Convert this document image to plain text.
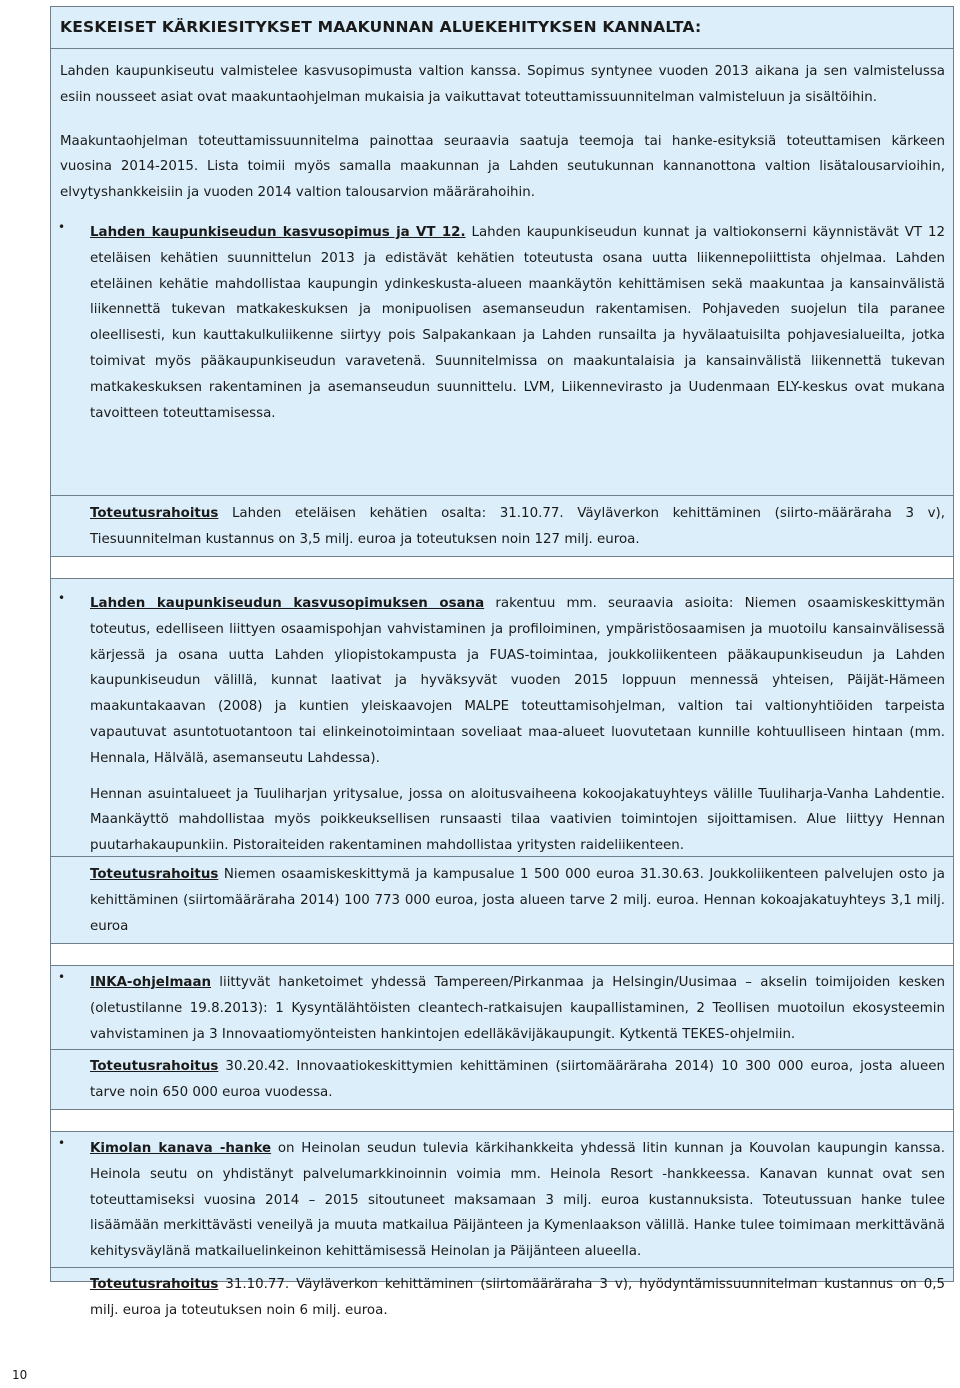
KESKEISET KÄRKIESITYKSET MAAKUNNAN ALUEKEHITYKSEN KANNALTA:

Lahden kaupunkiseutu valmistelee kasvusopimusta valtion kanssa. Sopimus syntynee vuoden 2013 aikana ja sen valmistelussa esiin nousseet asiat ovat maakuntaohjelman mukaisia ja vaikuttavat toteuttamissuunnitelman valmisteluun ja sisältöihin.

Maakuntaohjelman toteuttamissuunnitelma painottaa seuraavia saatuja teemoja tai hanke-esityksiä toteuttamisen kärkeen vuosina 2014-2015. Lista toimii myös samalla maakunnan ja Lahden seutukunnan kannanottona valtion lisätalousarvioihin, elvytyshankkeisiin ja vuoden 2014 valtion talousarvion määrärahoihin.

• Lahden kaupunkiseudun kasvusopimus ja VT 12. Lahden kaupunkiseudun kunnat ja valtiokonserni käynnistävät VT 12 eteläisen kehätien suunnittelun 2013 ja edistävät kehätien toteutusta osana uutta liikennepoliittista ohjelmaa. Lahden eteläinen kehätie mahdollistaa kaupungin ydinkeskusta-alueen maankäytön kehittämisen sekä maakuntaa ja kansainvälistä liikennettä tukevan matkakeskuksen ja monipuolisen asemanseudun rakentamisen. Pohjaveden suojelun tila paranee oleellisesti, kun kauttakulkuliikenne siirtyy pois Salpakankaan ja Lahden runsailta ja hyvälaatuisilta pohjavesialueilta, jotka toimivat myös pääkaupunkiseudun varavetenä. Suunnitelmissa on maakuntalaisia ja kansainvälistä liikennettä tukevan matkakeskuksen rakentaminen ja asemanseudun suunnittelu. LVM, Liikennevirasto ja Uudenmaan ELY-keskus ovat mukana tavoitteen toteuttamisessa.

Toteutusrahoitus Lahden eteläisen kehätien osalta: 31.10.77. Väyläverkon kehittäminen (siirto-määräraha 3 v), Tiesuunnitelman kustannus on 3,5 milj. euroa ja toteutuksen noin 127 milj. euroa.

• Lahden kaupunkiseudun kasvusopimuksen osana rakentuu mm. seuraavia asioita: Niemen osaamiskeskittymän toteutus, edelliseen liittyen osaamispohjan vahvistaminen ja profiloiminen, ympäristöosaamisen ja muotoilu kansainvälisessä kärjessä ja osana uutta Lahden yliopistokampusta ja FUAS-toimintaa, joukkoliikenteen pääkaupunkiseudun ja Lahden kaupunkiseudun välillä, kunnat laativat ja hyväksyvät vuoden 2015 loppuun mennessä yhteisen, Päijät-Hämeen maakuntakaavan (2008) ja kuntien yleiskaavojen MALPE toteuttamisohjelman, valtion tai valtionyhtiöiden tarpeista vapautuvat asuntotuotantoon tai elinkeinotoimintaan soveliaat maa-alueet luovutetaan kunnille kohtuulliseen hintaan (mm. Hennala, Hälvälä, asemanseutu Lahdessa).

Hennan asuintalueet ja Tuuliharjan yritysalue, jossa on aloitusvaiheena kokoojakatuyhteys välille Tuuliharja-Vanha Lahdentie. Maankäyttö mahdollistaa myös poikkeuksellisen runsaasti tilaa vaativien toimintojen sijoittamisen. Alue liittyy Hennan puutarhakaupunkiin. Pistoraiteiden rakentaminen mahdollistaa yritysten raideliikenteen.

Toteutusrahoitus Niemen osaamiskeskittymä ja kampusalue 1 500 000 euroa 31.30.63. Joukkoliikenteen palvelujen osto ja kehittäminen (siirtomääräraha 2014) 100 773 000 euroa, josta alueen tarve 2 milj. euroa. Hennan kokoajakatuyhteys 3,1 milj. euroa

• INKA-ohjelmaan liittyvät hanketoimet yhdessä Tampereen/Pirkanmaa ja Helsingin/Uusimaa – akselin toimijoiden kesken (oletustilanne 19.8.2013): 1 Kysyntälähtöisten cleantech-ratkaisujen kaupallistaminen, 2 Teollisen muotoilun ekosysteemin vahvistaminen ja 3 Innovaatiomyönteisten hankintojen edelläkävijäkaupungit. Kytkentä TEKES-ohjelmiin.

Toteutusrahoitus 30.20.42. Innovaatiokeskittymien kehittäminen (siirtomääräraha 2014) 10 300 000 euroa, josta alueen tarve noin 650 000 euroa vuodessa.

• Kimolan kanava -hanke on Heinolan seudun tulevia kärkihankkeita yhdessä Iitin kunnan ja Kouvolan kaupungin kanssa. Heinola seutu on yhdistänyt palvelumarkkinoinnin voimia mm. Heinola Resort -hankkeessa. Kanavan kunnat ovat sen toteuttamiseksi vuosina 2014 – 2015 sitoutuneet maksamaan 3 milj. euroa kustannuksista. Toteutussuan hanke tulee lisäämään merkittävästi veneilyä ja muuta matkailua Päijänteen ja Kymenlaakson välillä. Hanke tulee toimimaan merkittävänä kehitysväylänä matkailuelinkeinon kehittämisessä Heinolan ja Päijänteen alueella.

Toteutusrahoitus 31.10.77. Väyläverkon kehittäminen (siirtomääräraha 3 v), hyödyntämissuunnitelman kustannus on 0,5 milj. euroa ja toteutuksen noin 6 milj. euroa.

10
